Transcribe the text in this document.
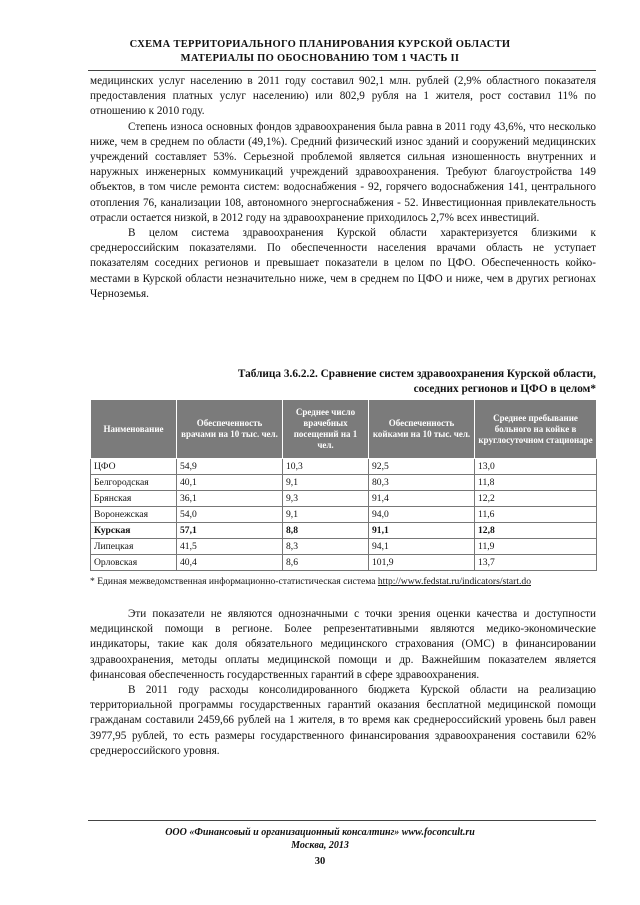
СХЕМА ТЕРРИТОРИАЛЬНОГО ПЛАНИРОВАНИЯ КУРСКОЙ ОБЛАСТИ
МАТЕРИАЛЫ ПО ОБОСНОВАНИЮ ТОМ 1 ЧАСТЬ II

медицинских услуг населению в 2011 году составил 902,1 млн. рублей (2,9% областного показателя предоставления платных услуг населению) или 802,9 рубля на 1 жителя, рост составил 11% по отношению к 2010 году.

Степень износа основных фондов здравоохранения была равна в 2011 году 43,6%, что несколько ниже, чем в среднем по области (49,1%). Средний физический износ зданий и сооружений медицинских учреждений составляет 53%. Серьезной проблемой является сильная изношенность внутренних и наружных инженерных коммуникаций учреждений здравоохранения. Требуют благоустройства 149 объектов, в том числе ремонта систем: водоснабжения - 92, горячего водоснабжения 141, центрального отопления 76, канализации 108, автономного энергоснабжения - 52. Инвестиционная привлекательность отрасли остается низкой, в 2012 году на здравоохранение приходилось 2,7% всех инвестиций.

В целом система здравоохранения Курской области характеризуется близкими к среднероссийским показателями. По обеспеченности населения врачами область не уступает показателям соседних регионов и превышает показатели в целом по ЦФО. Обеспеченность койко-местами в Курской области незначительно ниже, чем в среднем по ЦФО и ниже, чем в других регионах Черноземья.

Таблица 3.6.2.2. Сравнение систем здравоохранения Курской области,
соседних регионов и ЦФО в целом*
Наименование	Обеспеченность врачами на 10 тыс. чел.	Среднее число врачебных посещений на 1 чел.	Обеспеченность койками на 10 тыс. чел.	Среднее пребывание больного на койке в круглосуточном стационаре
ЦФО	54,9	10,3	92,5	13,0
Белгородская	40,1	9,1	80,3	11,8
Брянская	36,1	9,3	91,4	12,2
Воронежская	54,0	9,1	94,0	11,6
Курская	57,1	8,8	91,1	12,8
Липецкая	41,5	8,3	94,1	11,9
Орловская	40,4	8,6	101,9	13,7
* Единая межведомственная информационно-статистическая система http://www.fedstat.ru/indicators/start.do

Эти показатели не являются однозначными с точки зрения оценки качества и доступности медицинской помощи в регионе. Более репрезентативными являются медико-экономические индикаторы, такие как доля обязательного медицинского страхования (ОМС) в финансировании здравоохранения, методы оплаты медицинской помощи и др. Важнейшим показателем является финансовая обеспеченность государственных гарантий в сфере здравоохранения.

В 2011 году расходы консолидированного бюджета Курской области на реализацию территориальной программы государственных гарантий оказания бесплатной медицинской помощи гражданам составили 2459,66 рублей на 1 жителя, в то время как среднероссийский уровень был равен 3977,95 рублей, то есть размеры государственного финансирования здравоохранения составили 62% среднероссийского уровня.

ООО «Финансовый и организационный консалтинг» www.foconcult.ru
Москва, 2013
30
